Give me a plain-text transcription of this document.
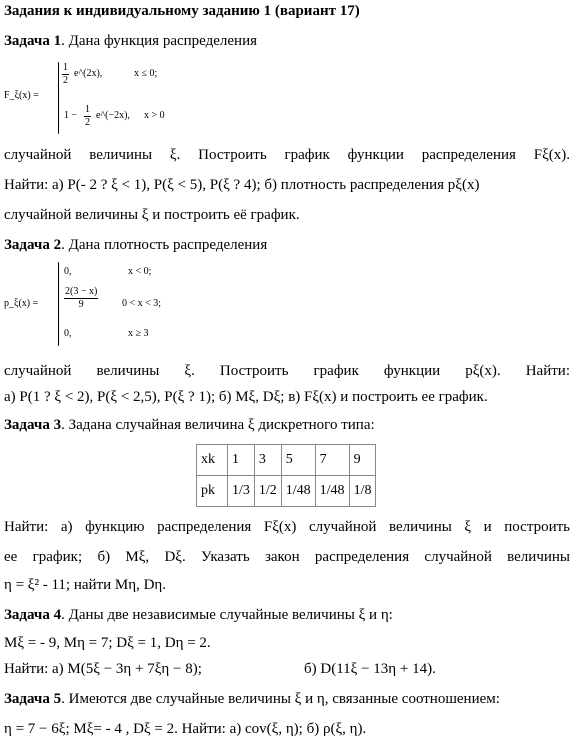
Задания к индивидуальному заданию 1 (вариант 17)
Задача 1. Дана функция распределения
F_ξ(x) =
$\frac{1}{2}$ e^(2x),	x ≤ 0;
$1 - \frac{1}{2}$ e^(−2x), x > 0
случайной величины ξ. Построить график функции распределения Fξ(x).
Найти: а) P(- 2 ? ξ < 1), P(ξ < 5), P(ξ ? 4); б) плотность распределения pξ(x)
случайной величины ξ и построить её график.
Задача 2. Дана плотность распределения
p_ξ(x) =
0,	x < 0;
$\frac{2(3 - x)}{9} 0 < x < 3$;
0,	x ≥ 3
случайной величины ξ. Построить график функции pξ(x). Найти:
а) P(1 ? ξ < 2), P(ξ < 2,5), P(ξ ? 1); б) Mξ, Dξ; в) Fξ(x) и построить ее график.
Задача 3. Задана случайная величина ξ дискретного типа:
xk	1	3	5	7	9
pk	1/3	1/2	1/48	1/48	1/8
Найти: а) функцию распределения Fξ(x) случайной величины ξ и построить
ее график; б) Mξ, Dξ. Указать закон распределения случайной величины
η = ξ² - 11; найти Mη, Dη.
Задача 4. Даны две независимые случайные величины ξ и η:
Mξ = - 9, Mη = 7; Dξ = 1, Dη = 2.
Найти: а) M(5ξ − 3η + 7ξη − 8);	б) D(11ξ − 13η + 14).
Задача 5. Имеются две случайные величины ξ и η, связанные соотношением:
η = 7 − 6ξ; Mξ= - 4 , Dξ = 2. Найти: а) cov(ξ, η); б) ρ(ξ, η).
